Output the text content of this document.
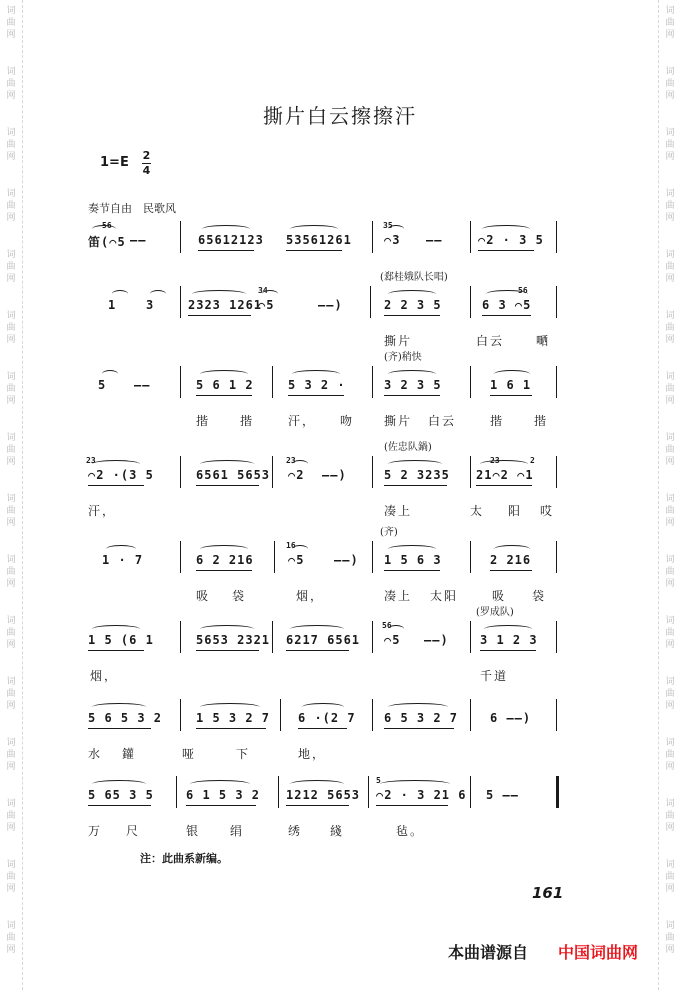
词
曲
网
词
曲
网
词
曲
网
词
曲
网
词
曲
网
词
曲
网
词
曲
网
词
曲
网
词
曲
网
词
曲
网
词
曲
网
词
曲
网
词
曲
网
词
曲
网
词
曲
网
词
曲
网
词
曲
网
词
曲
网
词
曲
网
词
曲
网
词
曲
网
词
曲
网
词
曲
网
词
曲
网
词
曲
网
词
曲
网
词
曲
网
词
曲
网
词
曲
网
词
曲
网
词
曲
网
词
曲
网
撕片白云擦擦汗
1=E 2
4
奏节自由　民歌风
56	35
笛(⌒5 ——	65612123 53561261	⌒3 ——	⌒2 · 3 5
(郄桂娥队长唱)
34	56
1 3	2323 1261
⌒5	——)	2 2 3 5	6 3 ⌒5
撕片	白云	嗮
(齐)稍快
5 ——	5 6 1 2	5 3 2 ·	3 2 3 5	1 6 1
揩 揩	汗， 吻 撕片 白云	揩 揩
(佐忠队鍋)
23	23	23	2
⌒2 ·(3 5	6561 5653 ⌒2 ——)	5 2 3235 21⌒2 ⌒1
汗，	凑上	太 阳 哎
(齐)
16
1 · 7	6 2 216	⌒5 ——) 1 5 6 3	2 216
吸 袋	烟，	凑上 太阳	吸 袋
(罗成队)
56
1 5 (6 1	5653 2321 6217 6561 ⌒5 ——)	3 1 2 3
烟，	千道
5 6 5 3 2	1 5 3 2 7 6 ·(2 7 6 5 3 2 7	6 ——)
水 鑵	哑	下	地，
5
5 65 3 5	6 1 5 3 2 1212 5653 ⌒2 · 3 21 6 5 ——
万 尺	银 绢	绣 綫	毡。
注：此曲系新编。
161
本曲谱源自 中国词曲网
